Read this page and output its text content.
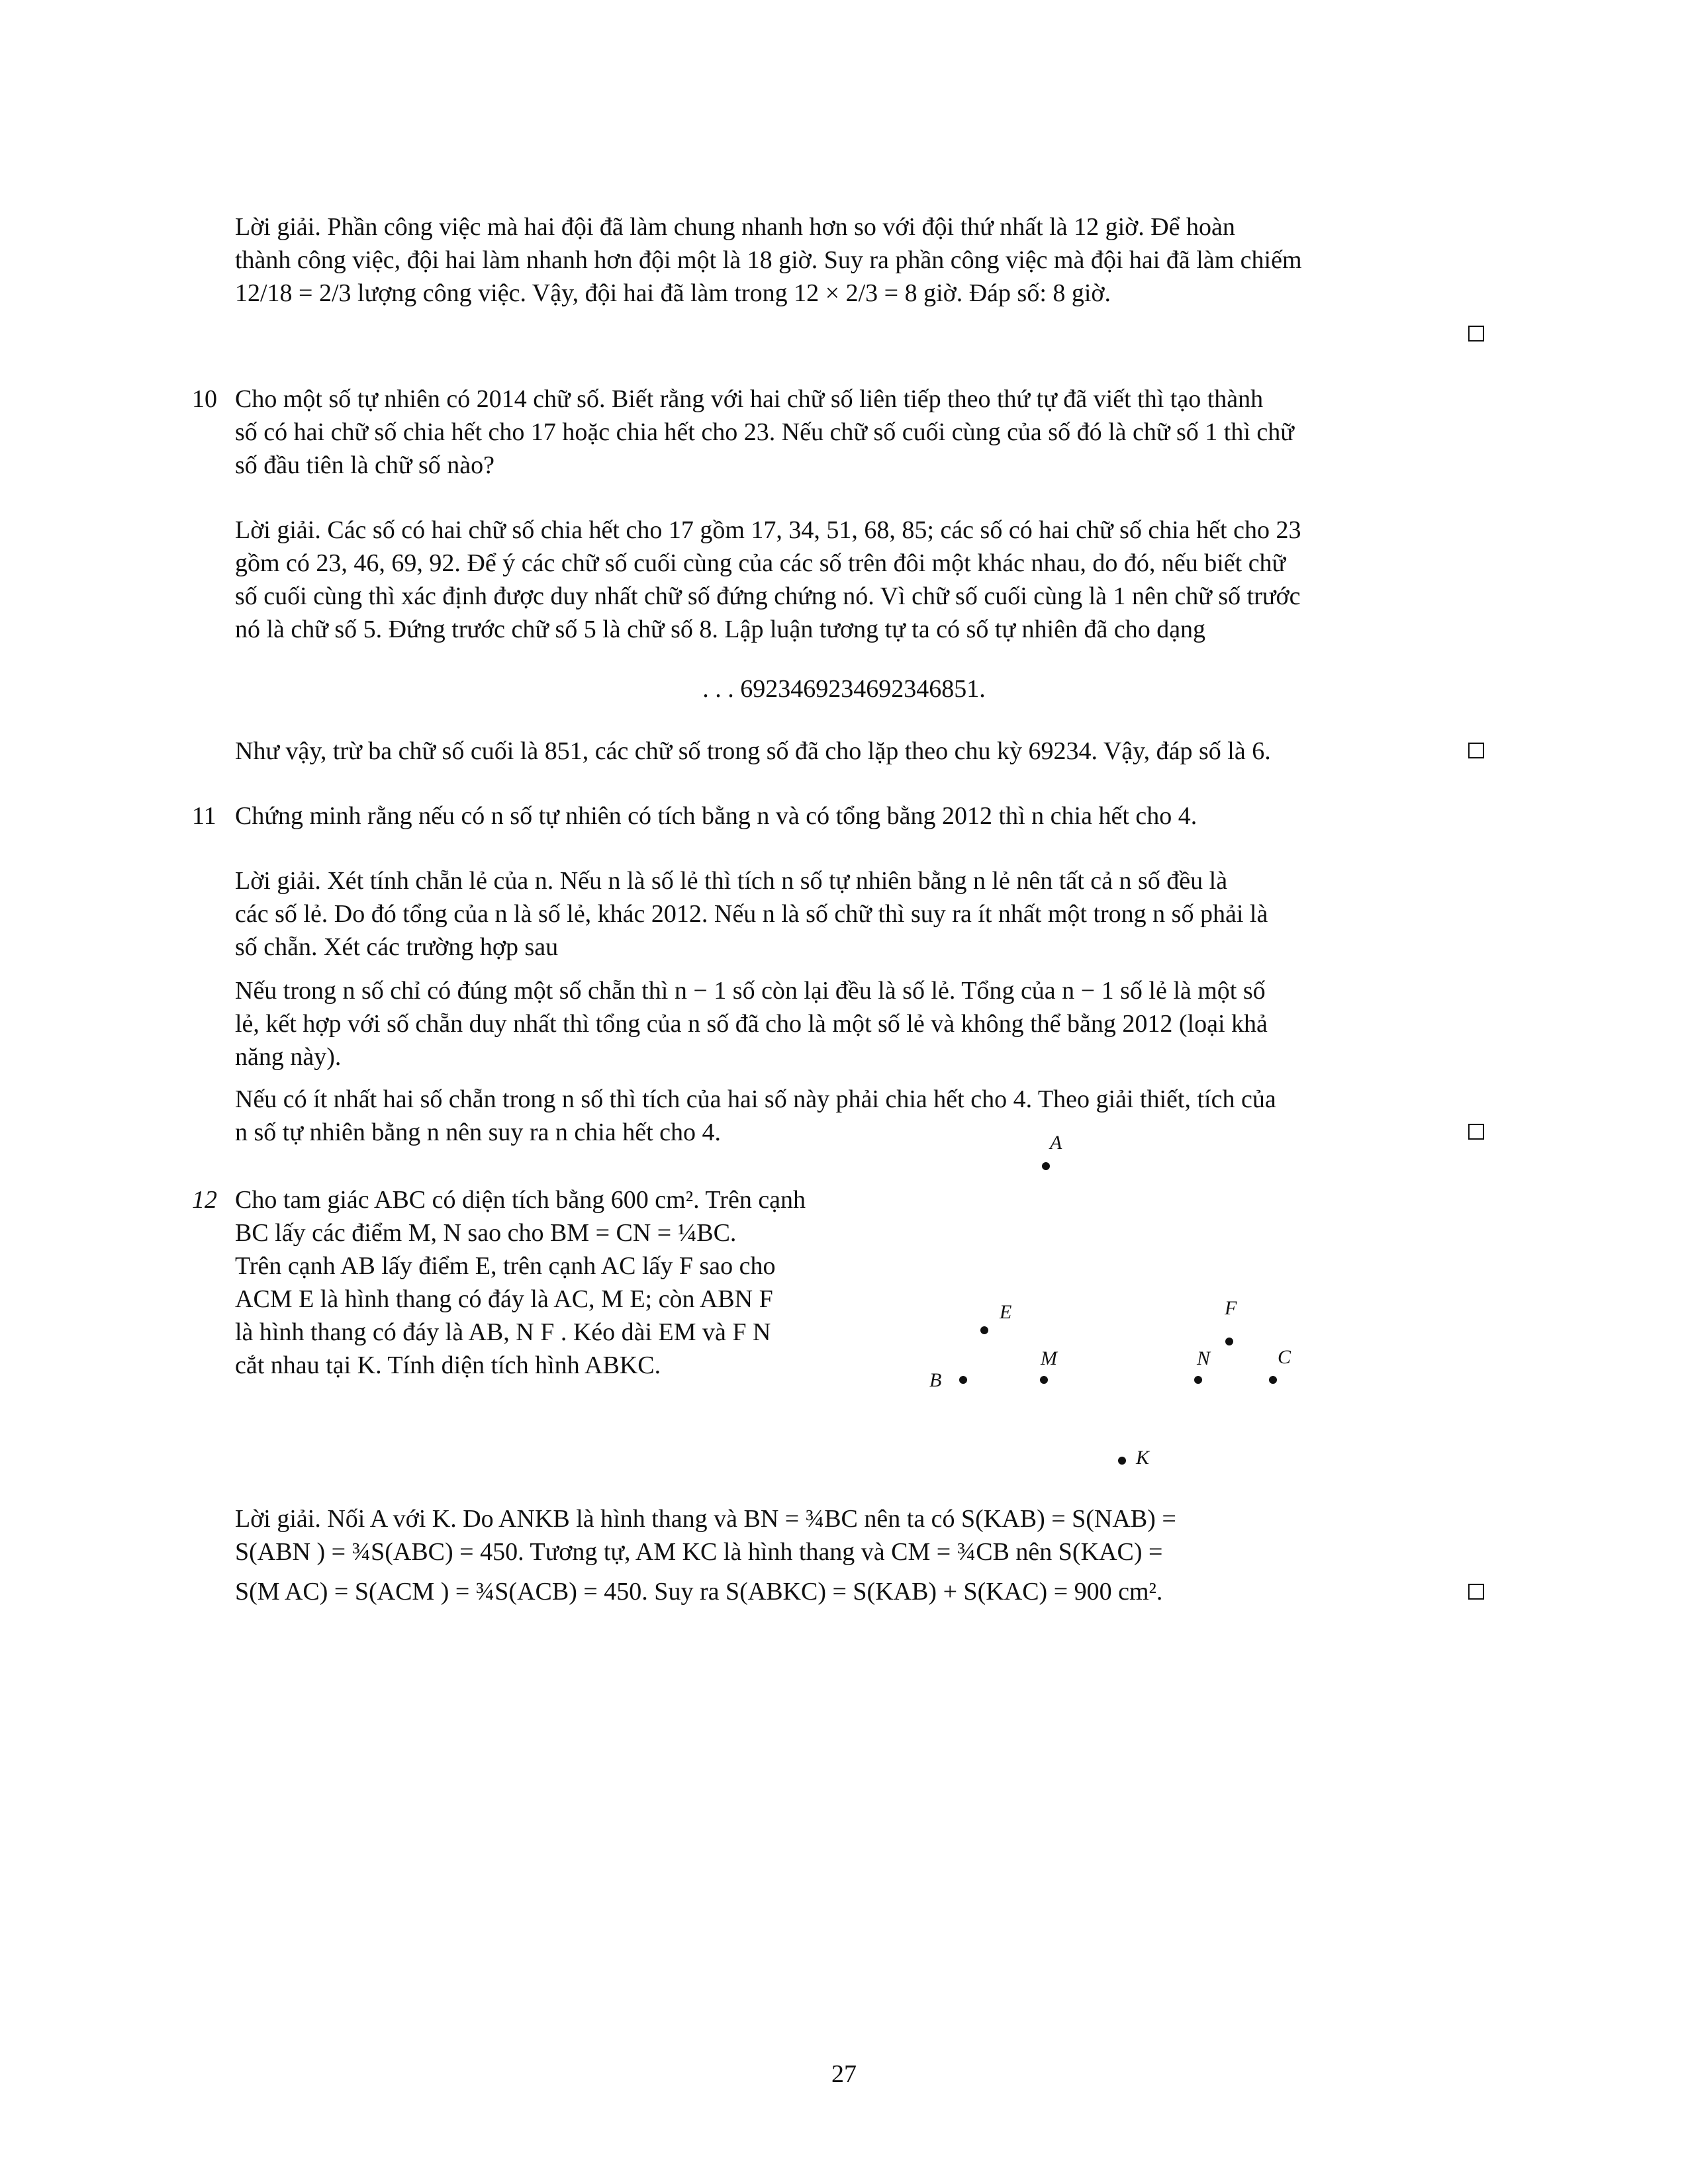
Lời giải. Phần công việc mà hai đội đã làm chung nhanh hơn so với đội thứ nhất là 12 giờ. Để hoàn

thành công việc, đội hai làm nhanh hơn đội một là 18 giờ. Suy ra phần công việc mà đội hai đã làm chiếm

12/18 = 2/3 lượng công việc. Vậy, đội hai đã làm trong 12 × 2/3 = 8 giờ. Đáp số: 8 giờ.

10 Cho một số tự nhiên có 2014 chữ số. Biết rằng với hai chữ số liên tiếp theo thứ tự đã viết thì tạo thành

số có hai chữ số chia hết cho 17 hoặc chia hết cho 23. Nếu chữ số cuối cùng của số đó là chữ số 1 thì chữ

số đầu tiên là chữ số nào?

Lời giải. Các số có hai chữ số chia hết cho 17 gồm 17, 34, 51, 68, 85; các số có hai chữ số chia hết cho 23

gồm có 23, 46, 69, 92. Để ý các chữ số cuối cùng của các số trên đôi một khác nhau, do đó, nếu biết chữ

số cuối cùng thì xác định được duy nhất chữ số đứng chứng nó. Vì chữ số cuối cùng là 1 nên chữ số trước

nó là chữ số 5. Đứng trước chữ số 5 là chữ số 8. Lập luận tương tự ta có số tự nhiên đã cho dạng

. . . 6923469234692346851.

Như vậy, trừ ba chữ số cuối là 851, các chữ số trong số đã cho lặp theo chu kỳ 69234. Vậy, đáp số là 6.

11 Chứng minh rằng nếu có n số tự nhiên có tích bằng n và có tổng bằng 2012 thì n chia hết cho 4.

Lời giải. Xét tính chẵn lẻ của n. Nếu n là số lẻ thì tích n số tự nhiên bằng n lẻ nên tất cả n số đều là

các số lẻ. Do đó tổng của n là số lẻ, khác 2012. Nếu n là số chữ thì suy ra ít nhất một trong n số phải là

số chẵn. Xét các trường hợp sau

Nếu trong n số chỉ có đúng một số chẵn thì n − 1 số còn lại đều là số lẻ. Tổng của n − 1 số lẻ là một số

lẻ, kết hợp với số chẵn duy nhất thì tổng của n số đã cho là một số lẻ và không thể bằng 2012 (loại khả

năng này).

Nếu có ít nhất hai số chẵn trong n số thì tích của hai số này phải chia hết cho 4. Theo giải thiết, tích của

n số tự nhiên bằng n nên suy ra n chia hết cho 4.

12 Cho tam giác ABC có diện tích bằng 600 cm². Trên cạnh

BC lấy các điểm M, N sao cho BM = CN = ¼BC.

Trên cạnh AB lấy điểm E, trên cạnh AC lấy F sao cho

ACM E là hình thang có đáy là AC, M E; còn ABN F

là hình thang có đáy là AB, N F . Kéo dài EM và F N

cắt nhau tại K. Tính diện tích hình ABKC.

A
E	F
B
M	N	C
K

Lời giải. Nối A với K. Do ANKB là hình thang và BN = ¾BC nên ta có S(KAB) = S(NAB) =

S(ABN ) = ¾S(ABC) = 450. Tương tự, AM KC là hình thang và CM = ¾CB nên S(KAC) =

S(M AC) = S(ACM ) = ¾S(ACB) = 450. Suy ra S(ABKC) = S(KAB) + S(KAC) = 900 cm².

27
